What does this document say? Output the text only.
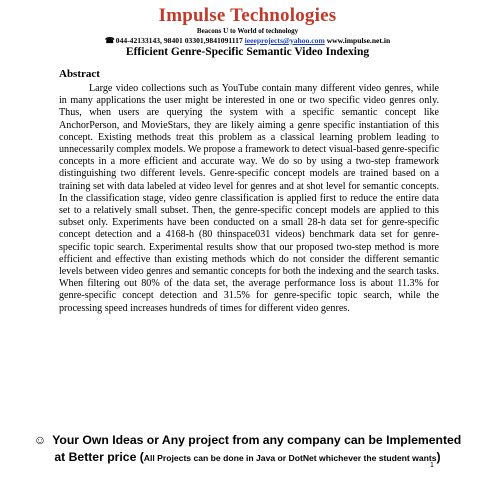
Impulse Technologies
Beacons U to World of technology
☎044-42133143, 98401 03301,9841091117 ieeeprojects@yahoo.com www.impulse.net.in
Efficient Genre-Specific Semantic Video Indexing
Abstract

Large video collections such as YouTube contain many different video genres, while in many applications the user might be interested in one or two specific video genres only. Thus, when users are querying the system with a specific semantic concept like AnchorPerson, and MovieStars, they are likely aiming a genre specific instantiation of this concept. Existing methods treat this problem as a classical learning problem leading to unnecessarily complex models. We propose a framework to detect visual-based genre-specific concepts in a more efficient and accurate way. We do so by using a two-step framework distinguishing two different levels. Genre-specific concept models are trained based on a training set with data labeled at video level for genres and at shot level for semantic concepts. In the classification stage, video genre classification is applied first to reduce the entire data set to a relatively small subset. Then, the genre-specific concept models are applied to this subset only. Experiments have been conducted on a small 28-h data set for genre-specific concept detection and a 4168-h (80 thinspace031 videos) benchmark data set for genre-specific topic search. Experimental results show that our proposed two-step method is more efficient and effective than existing methods which do not consider the different semantic levels between video genres and semantic concepts for both the indexing and the search tasks. When filtering out 80% of the data set, the average performance loss is about 11.3% for genre-specific concept detection and 31.5% for genre-specific topic search, while the processing speed increases hundreds of times for different video genres.

☺ Your Own Ideas or Any project from any company can be Implemented
at Better price (All Projects can be done in Java or DotNet whichever the student wants)
1
